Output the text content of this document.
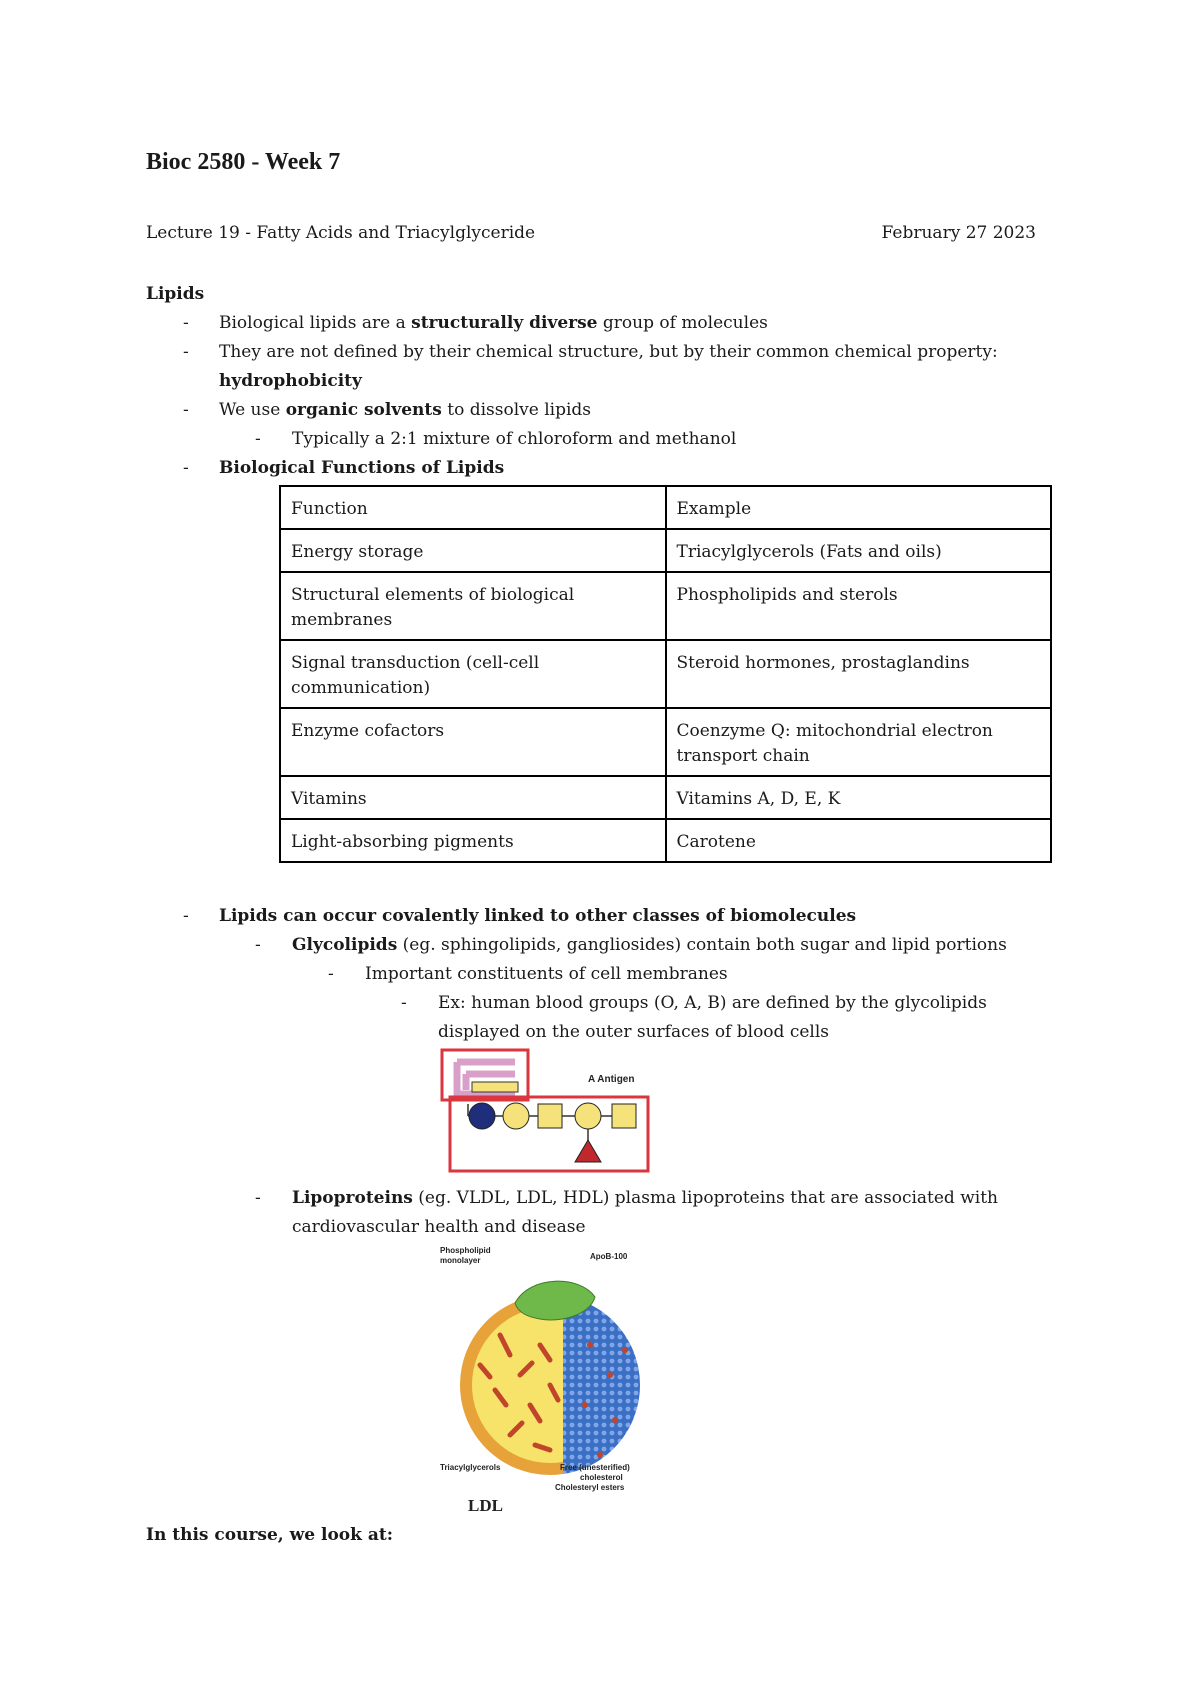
Bioc 2580 - Week 7
Lecture 19 - Fatty Acids and Triacylglyceride	February 27 2023
Lipids
- Biological lipids are a structurally diverse group of molecules
- They are not defined by their chemical structure, but by their common chemical property:
hydrophobicity
- We use organic solvents to dissolve lipids
- Typically a 2:1 mixture of chloroform and methanol
- Biological Functions of Lipids
Function	Example
Energy storage	Triacylglycerols (Fats and oils)
Structural elements of biological membranes	Phospholipids and sterols
Signal transduction (cell-cell communication)	Steroid hormones, prostaglandins
Enzyme cofactors	Coenzyme Q: mitochondrial electron transport chain
Vitamins	Vitamins A, D, E, K
Light-absorbing pigments	Carotene
- Lipids can occur covalently linked to other classes of biomolecules
- Glycolipids (eg. sphingolipids, gangliosides) contain both sugar and lipid portions
- Important constituents of cell membranes
- Ex: human blood groups (O, A, B) are defined by the glycolipids
displayed on the outer surfaces of blood cells
A Antigen
- Lipoproteins (eg. VLDL, LDL, HDL) plasma lipoproteins that are associated with
cardiovascular health and disease
Phospholipid
monolayer	ApoB-100
Triacylglycerols	Free (unesterified)
cholesterol
Cholesteryl esters
LDL
In this course, we look at:
